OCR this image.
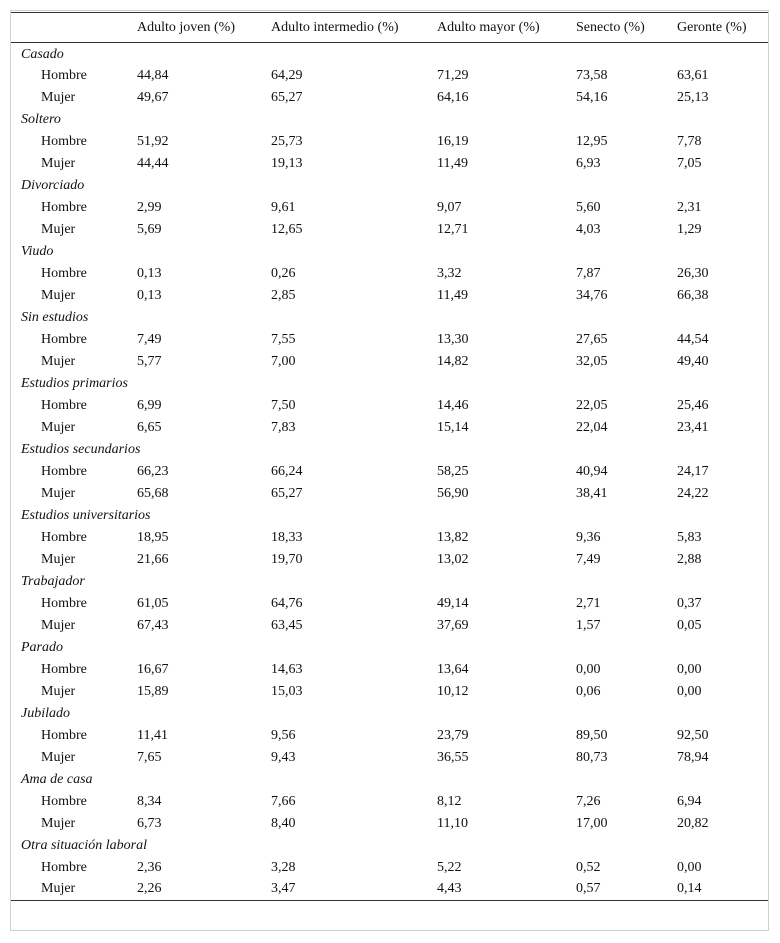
	Adulto joven (%)	Adulto intermedio (%)	Adulto mayor (%)	Senecto (%)	Geronte (%)
Casado					
Hombre	44,84	64,29	71,29	73,58	63,61
Mujer	49,67	65,27	64,16	54,16	25,13
Soltero					
Hombre	51,92	25,73	16,19	12,95	7,78
Mujer	44,44	19,13	11,49	6,93	7,05
Divorciado					
Hombre	2,99	9,61	9,07	5,60	2,31
Mujer	5,69	12,65	12,71	4,03	1,29
Viudo					
Hombre	0,13	0,26	3,32	7,87	26,30
Mujer	0,13	2,85	11,49	34,76	66,38
Sin estudios					
Hombre	7,49	7,55	13,30	27,65	44,54
Mujer	5,77	7,00	14,82	32,05	49,40
Estudios primarios					
Hombre	6,99	7,50	14,46	22,05	25,46
Mujer	6,65	7,83	15,14	22,04	23,41
Estudios secundarios					
Hombre	66,23	66,24	58,25	40,94	24,17
Mujer	65,68	65,27	56,90	38,41	24,22
Estudios universitarios					
Hombre	18,95	18,33	13,82	9,36	5,83
Mujer	21,66	19,70	13,02	7,49	2,88
Trabajador					
Hombre	61,05	64,76	49,14	2,71	0,37
Mujer	67,43	63,45	37,69	1,57	0,05
Parado					
Hombre	16,67	14,63	13,64	0,00	0,00
Mujer	15,89	15,03	10,12	0,06	0,00
Jubilado					
Hombre	11,41	9,56	23,79	89,50	92,50
Mujer	7,65	9,43	36,55	80,73	78,94
Ama de casa					
Hombre	8,34	7,66	8,12	7,26	6,94
Mujer	6,73	8,40	11,10	17,00	20,82
Otra situación laboral					
Hombre	2,36	3,28	5,22	0,52	0,00
Mujer	2,26	3,47	4,43	0,57	0,14
